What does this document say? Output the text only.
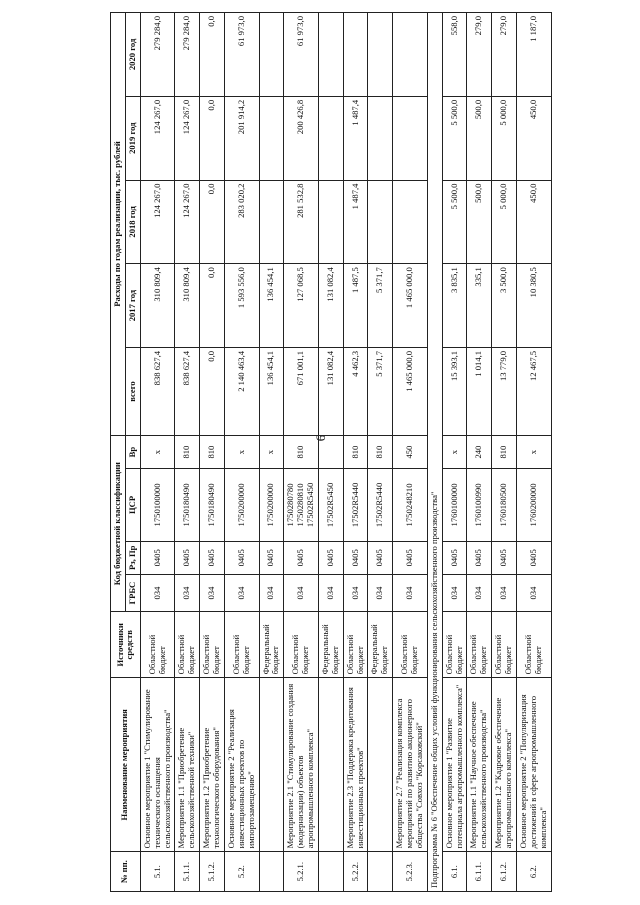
9
№ пп.	Наименование мероприятия	Источники средств	Код бюджетной классификации				Расходы по годам реализации, тыс. рублей				
			ГРБС	Рз, Пр	ЦСР	Вр	всего	2017 год	2018 год	2019 год	2020 год
5.1.	Основное мероприятие 1 "Стимулирование технического оснащения сельскохозяйственного производства"	Областной бюджет	034	0405	1750100000	х	838 627,4	310 809,4	124 267,0	124 267,0	279 284,0
5.1.1.	Мероприятие 1.1 "Приобретение сельскохозяйственной техники"	Областной бюджет	034	0405	1750180490	810	838 627,4	310 809,4	124 267,0	124 267,0	279 284,0
5.1.2.	Мероприятие 1.2 "Приобретение технологического оборудования"	Областной бюджет	034	0405	1750180490	810	0,0	0,0	0,0	0,0	0,0
5.2.	Основное мероприятие 2 "Реализация инвестиционных проектов по импортозамещению"	Областной бюджет	034	0405	1750200000	х	2 140 463,4	1 593 556,0	283 020,2	201 914,2	61 973,0
		Федеральный бюджет	034	0405	1750200000	х	136 454,1	136 454,1			
5.2.1.	Мероприятие 2.1 "Стимулирование создания (модернизации) объектов агропромышленного комплекса"	Областной бюджет	034	0405	1750280780 1750280810 17502R5450	810	671 001,1	127 068,5	281 532,8	200 426,8	61 973,0
		Федеральный бюджет	034	0405	17502R5450		131 082,4	131 082,4			
5.2.2.	Мероприятие 2.3 "Поддержка кредитования инвестиционных проектов"	Областной бюджет	034	0405	17502R5440	810	4 462,3	1 487,5	1 487,4	1 487,4	
		Федеральный бюджет	034	0405	17502R5440	810	5 371,7	5 371,7			
5.2.3.	Мероприятие 2.7 "Реализация комплекса мероприятий по развитию акционерного общества "Совхоз "Корсаковский"	Областной бюджет	034	0405	1750248210	450	1 465 000,0	1 465 000,0			
Подпрограмма № 6 "Обеспечение общих условий функционирования сельскохозяйственного производства"											
6.1.	Основное мероприятие 1 "Развитие потенциала агропромышленного комплекса"	Областной бюджет	034	0405	1760100000	х	15 393,1	3 835,1	5 500,0	5 500,0	558,0
6.1.1.	Мероприятие 1.1 "Научное обеспечение сельскохозяйственного производства"	Областной бюджет	034	0405	1760100990	240	1 014,1	335,1	500,0	500,0	279,0
6.1.2.	Мероприятие 1.2 "Кадровое обеспечение агропромышленного комплекса"	Областной бюджет	034	0405	1760180500	810	13 779,0	3 500,0	5 000,0	5 000,0	279,0
6.2.	Основное мероприятие 2 "Популяризация достижений в сфере агропромышленного комплекса"	Областной бюджет	034	0405	1760200000	х	12 467,5	10 380,5	450,0	450,0	1 187,0
